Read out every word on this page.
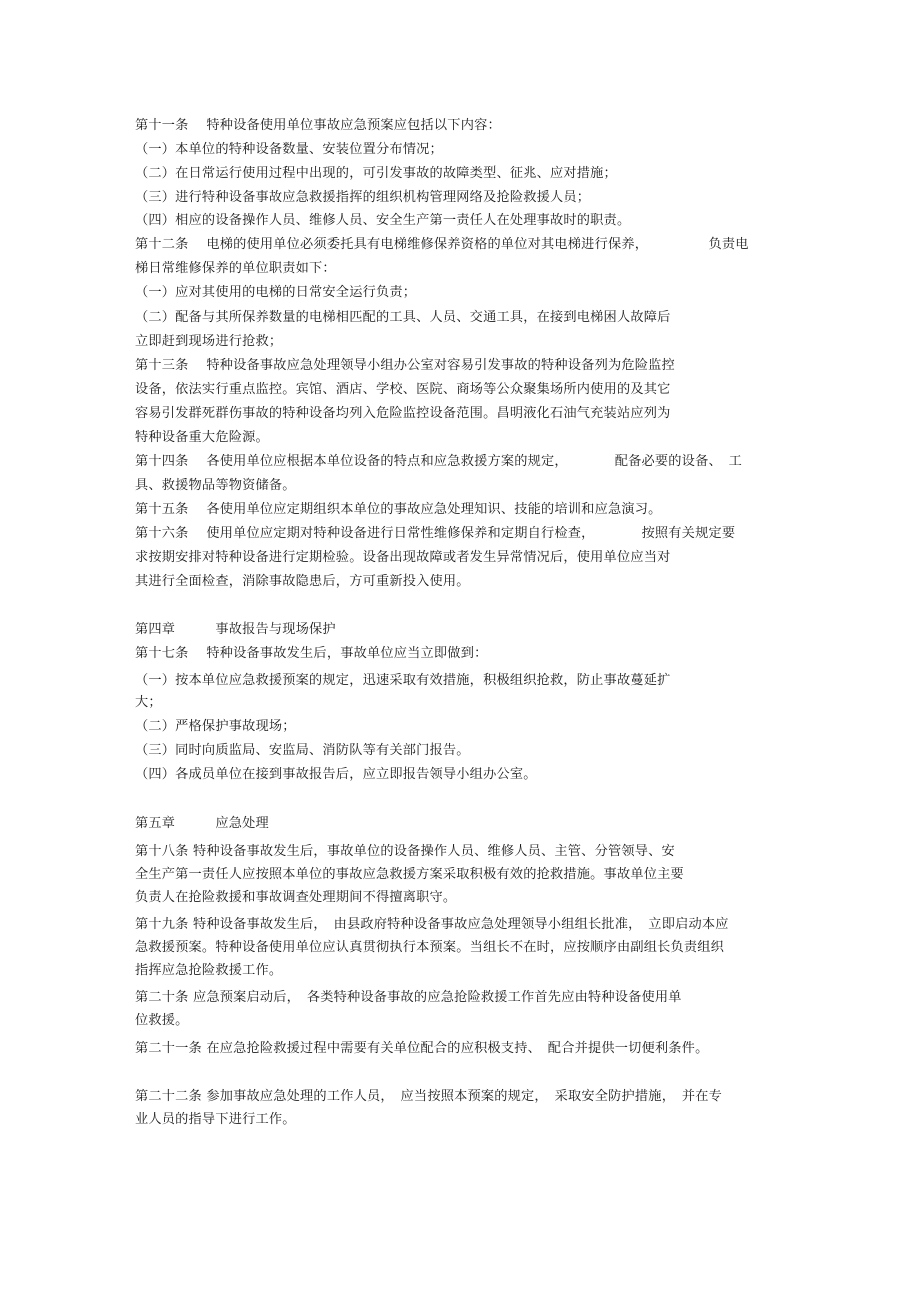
第十一条　 特种设备使用单位事故应急预案应包括以下内容：
（一）本单位的特种设备数量、安装位置分布情况；
（二）在日常运行使用过程中出现的，可引发事故的故障类型、征兆、应对措施；
（三）进行特种设备事故应急救援指挥的组织机构管理网络及抢险救援人员；
（四）相应的设备操作人员、维修人员、安全生产第一责任人在处理事故时的职责。
第十二条　 电梯的使用单位必须委托具有电梯维修保养资格的单位对其电梯进行保养，　　　　　负责电
梯日常维修保养的单位职责如下：
（一）应对其使用的电梯的日常安全运行负责；
（二）配备与其所保养数量的电梯相匹配的工具、人员、交通工具，在接到电梯困人故障后
立即赶到现场进行抢救；
第十三条　 特种设备事故应急处理领导小组办公室对容易引发事故的特种设备列为危险监控
设备，依法实行重点监控。宾馆、酒店、学校、医院、商场等公众聚集场所内使用的及其它
容易引发群死群伤事故的特种设备均列入危险监控设备范围。昌明液化石油气充装站应列为
特种设备重大危险源。
第十四条　 各使用单位应根据本单位设备的特点和应急救援方案的规定，　　　　配备必要的设备、　工
具、救援物品等物资储备。
第十五条　 各使用单位应定期组织本单位的事故应急处理知识、技能的培训和应急演习。
第十六条　 使用单位应定期对特种设备进行日常性维修保养和定期自行检查，　　　　按照有关规定要
求按期安排对特种设备进行定期检验。设备出现故障或者发生异常情况后，使用单位应当对
其进行全面检查，消除事故隐患后，方可重新投入使用。
第四章　　　事故报告与现场保护
第十七条　 特种设备事故发生后，事故单位应当立即做到：
（一）按本单位应急救援预案的规定，迅速采取有效措施，积极组织抢救，防止事故蔓延扩
大；
（二）严格保护事故现场；
（三）同时向质监局、安监局、消防队等有关部门报告。
（四）各成员单位在接到事故报告后，应立即报告领导小组办公室。
第五章　　　应急处理
第十八条 特种设备事故发生后，事故单位的设备操作人员、维修人员、主管、分管领导、安
全生产第一责任人应按照本单位的事故应急救援方案采取积极有效的抢救措施。事故单位主要
负责人在抢险救援和事故调查处理期间不得擅离职守。
第十九条 特种设备事故发生后，　由县政府特种设备事故应急处理领导小组组长批准，　立即启动本应
急救援预案。特种设备使用单位应认真贯彻执行本预案。当组长不在时，应按顺序由副组长负责组织
指挥应急抢险救援工作。
第二十条 应急预案启动后，　各类特种设备事故的应急抢险救援工作首先应由特种设备使用单
位救援。
第二十一条 在应急抢险救援过程中需要有关单位配合的应积极支持、　配合并提供一切便利条件。
第二十二条 参加事故应急处理的工作人员，　应当按照本预案的规定，　采取安全防护措施，　并在专
业人员的指导下进行工作。
